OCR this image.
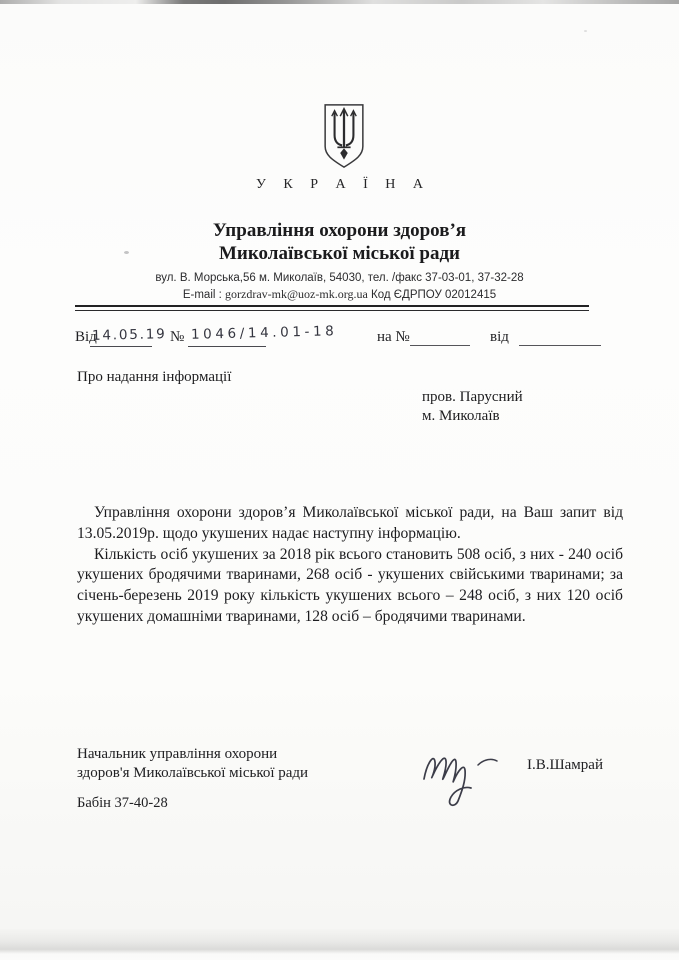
У К Р А Ї Н А
Управління охорони здоров’я
Миколаївської міської ради
вул. В. Морська,56 м. Миколаїв, 54030, тел. /факс 37-03-01, 37-32-28
E-mail : gorzdrav-mk@uoz-mk.org.ua Код ЄДРПОУ 02012415
Від
14.05.19 № 1046/14.01-18	на №	від
Про надання інформації
пров. Парусний
м. Миколаїв

Управління охорони здоров’я Миколаївської міської ради, на Ваш запит від 13.05.2019р. щодо укушених надає наступну інформацію.

Кількість осіб укушених за 2018 рік всього становить 508 осіб, з них - 240 осіб укушених бродячими тваринами, 268 осіб - укушених свійськими тваринами; за січень-березень 2019 року кількість укушених всього – 248 осіб, з них 120 осіб укушених домашніми тваринами, 128 осіб – бродячими тваринами.

Начальник управління охорони
здоров'я Миколаївської міської ради	І.В.Шамрай
Бабін 37-40-28
